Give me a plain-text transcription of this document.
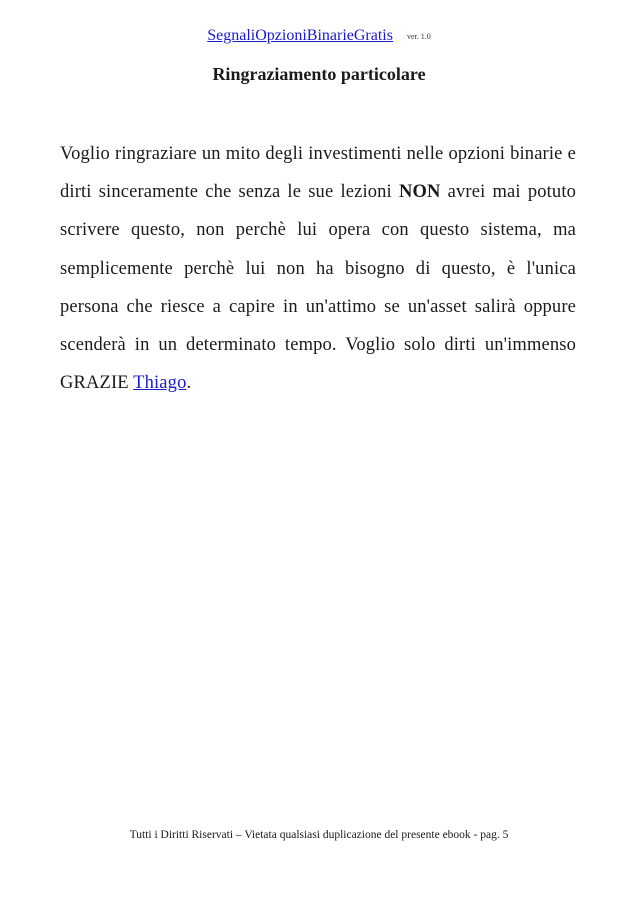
SegnaliOpzioniBinarieGratis ver. 1.0
Ringraziamento particolare

Voglio ringraziare un mito degli investimenti nelle opzioni binarie e dirti sinceramente che senza le sue lezioni NON avrei mai potuto scrivere questo, non perchè lui opera con questo sistema, ma semplicemente perchè lui non ha bisogno di questo, è l'unica persona che riesce a capire in un'attimo se un'asset salirà oppure scenderà in un determinato tempo. Voglio solo dirti un'immenso GRAZIE Thiago.

Tutti i Diritti Riservati – Vietata qualsiasi duplicazione del presente ebook - pag. 5
